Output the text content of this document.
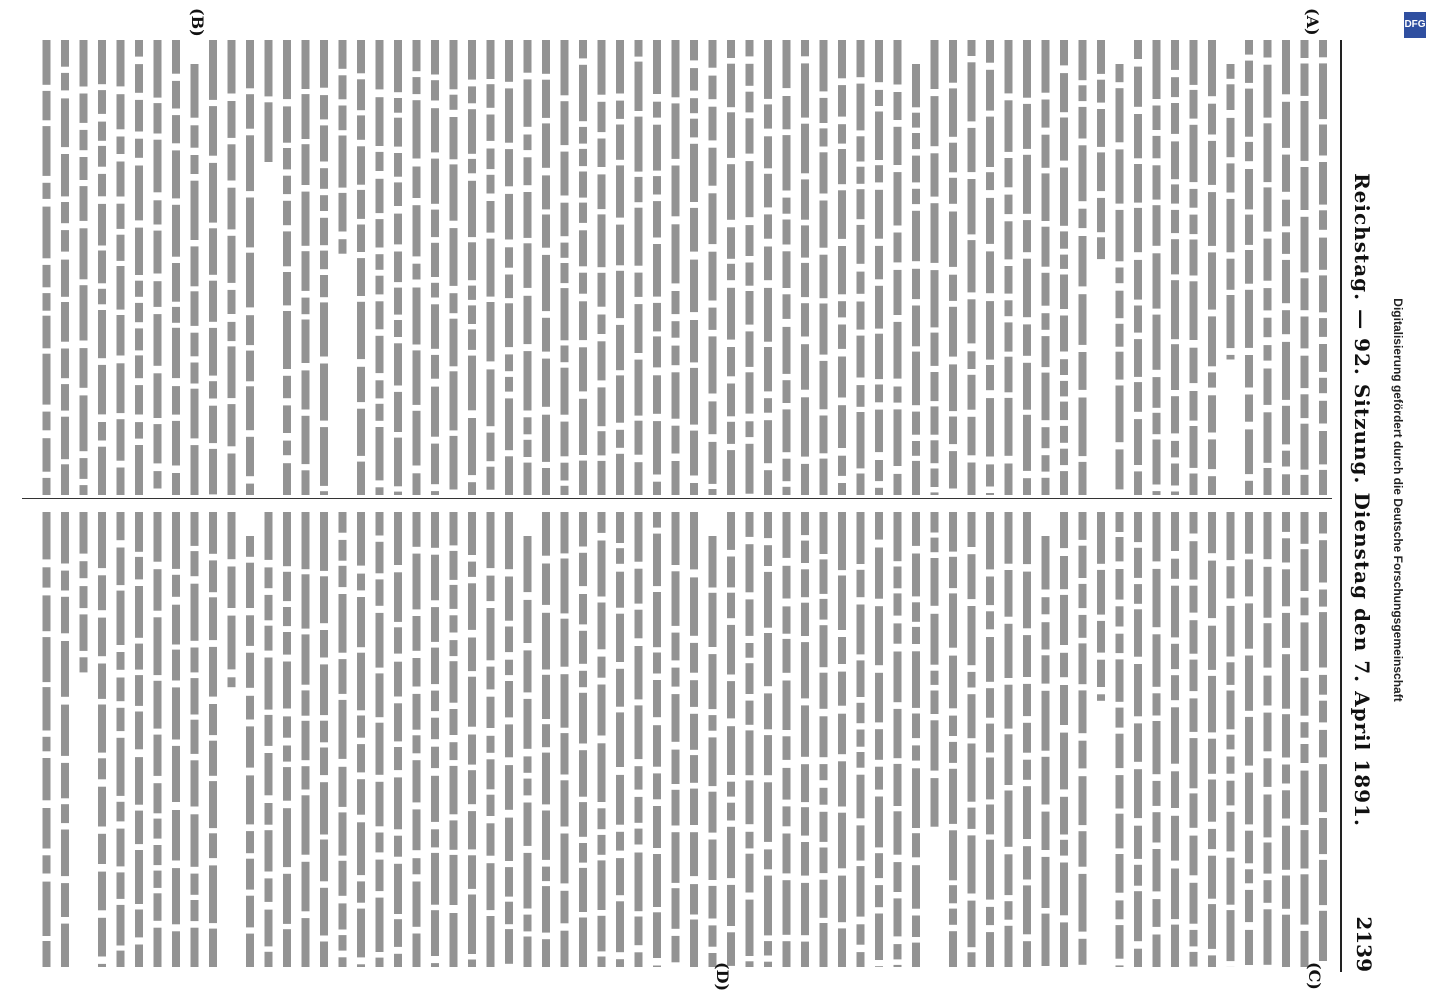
Reichstag. — 92. Sitzung. Dienstag den 7. April 1891.
2139
(A)
(B)
(C)
(D)
Digitalisierung gefördert durch die Deutsche Forschungsgemeinschaft
DFG
